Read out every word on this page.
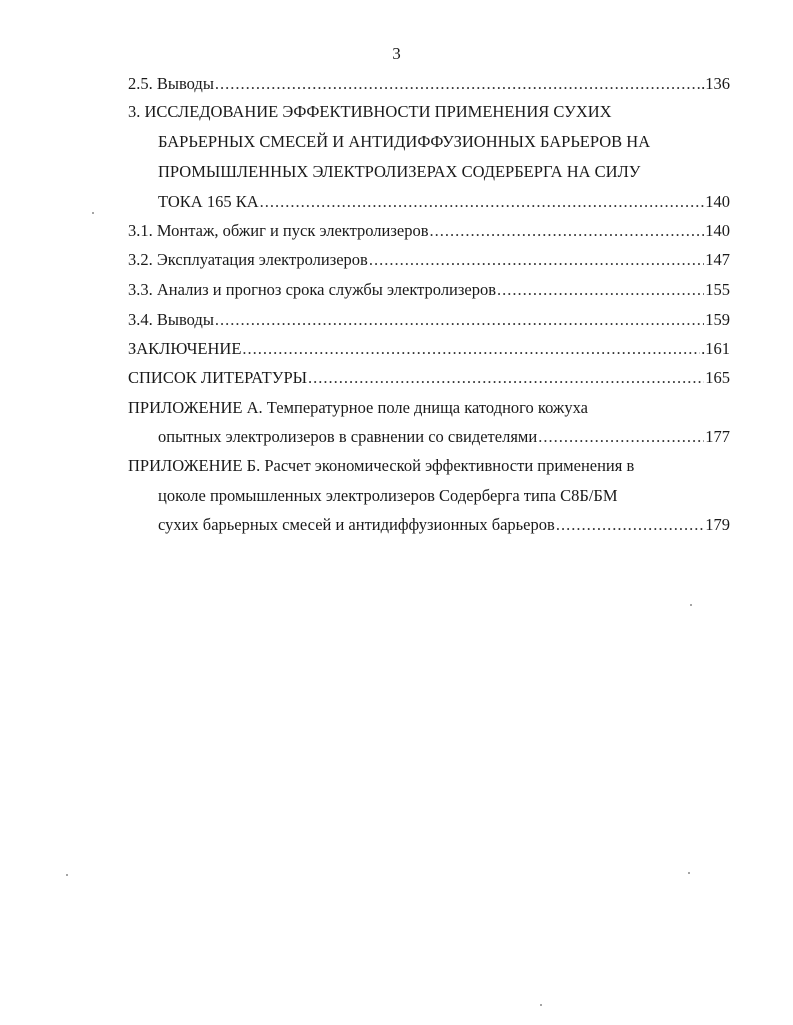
3
2.5. Выводы .....	.136
3. ИССЛЕДОВАНИЕ ЭФФЕКТИВНОСТИ ПРИМЕНЕНИЯ СУХИХ
БАРЬЕРНЫХ СМЕСЕЙ И АНТИДИФФУЗИОННЫХ БАРЬЕРОВ НА
ПРОМЫШЛЕННЫХ ЭЛЕКТРОЛИЗЕРАХ СОДЕРБЕРГА НА СИЛУ
ТОКА 165 КА .....	140
3.1. Монтаж, обжиг и пуск электролизеров .....	140
3.2. Эксплуатация электролизеров .....	147
3.3. Анализ и прогноз срока службы электролизеров .....	155
3.4. Выводы .....	159
ЗАКЛЮЧЕНИЕ .....	.161
СПИСОК ЛИТЕРАТУРЫ .....	165
ПРИЛОЖЕНИЕ А. Температурное поле днища катодного кожуха
опытных электролизеров в сравнении со свидетелями .....	177
ПРИЛОЖЕНИЕ Б. Расчет экономической эффективности применения в
цоколе промышленных электролизеров Содерберга типа С8Б/БМ
сухих барьерных смесей и антидиффузионных барьеров .....	179
